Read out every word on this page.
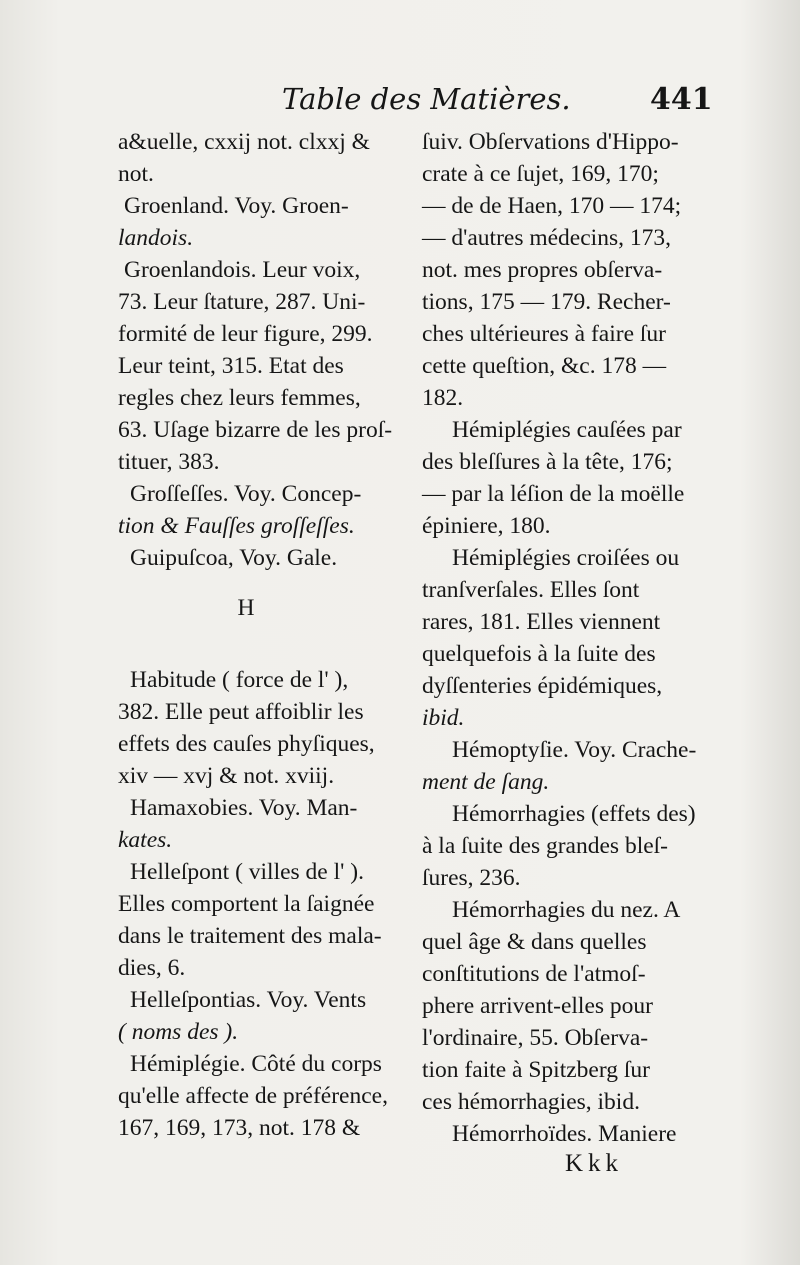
Table des Matières.	441
a&uelle, cxxij not. clxxj &
not.
Groenland. Voy. Groen-
landois.
Groenlandois. Leur voix,
73. Leur ſtature, 287. Uni-
formité de leur figure, 299.
Leur teint, 315. Etat des
regles chez leurs femmes,
63. Uſage bizarre de les proſ-
tituer, 383.
Groſſeſſes. Voy. Concep-
tion & Fauſſes groſſeſſes.
Guipuſcoa, Voy. Gale.
H
Habitude ( force de l' ),
382. Elle peut affoiblir les
effets des cauſes phyſiques,
xiv — xvj & not. xviij.
Hamaxobies. Voy. Man-
kates.
Helleſpont ( villes de l' ).
Elles comportent la ſaignée
dans le traitement des mala-
dies, 6.
Helleſpontias. Voy. Vents
( noms des ).
Hémiplégie. Côté du corps
qu'elle affecte de préférence,
167, 169, 173, not. 178 &
ſuiv. Obſervations d'Hippo-
crate à ce ſujet, 169, 170;
— de de Haen, 170 — 174;
— d'autres médecins, 173,
not. mes propres obſerva-
tions, 175 — 179. Recher-
ches ultérieures à faire ſur
cette queſtion, &c. 178 —
182.
Hémiplégies cauſées par
des bleſſures à la tête, 176;
— par la léſion de la moëlle
épiniere, 180.
Hémiplégies croiſées ou
tranſverſales. Elles ſont
rares, 181. Elles viennent
quelquefois à la ſuite des
dyſſenteries épidémiques,
ibid.
Hémoptyſie. Voy. Crache-
ment de ſang.
Hémorrhagies (effets des)
à la ſuite des grandes bleſ-
ſures, 236.
Hémorrhagies du nez. A
quel âge & dans quelles
conſtitutions de l'atmoſ-
phere arrivent-elles pour
l'ordinaire, 55. Obſerva-
tion faite à Spitzberg ſur
ces hémorrhagies, ibid.
Hémorrhoïdes. Maniere
Kkk
